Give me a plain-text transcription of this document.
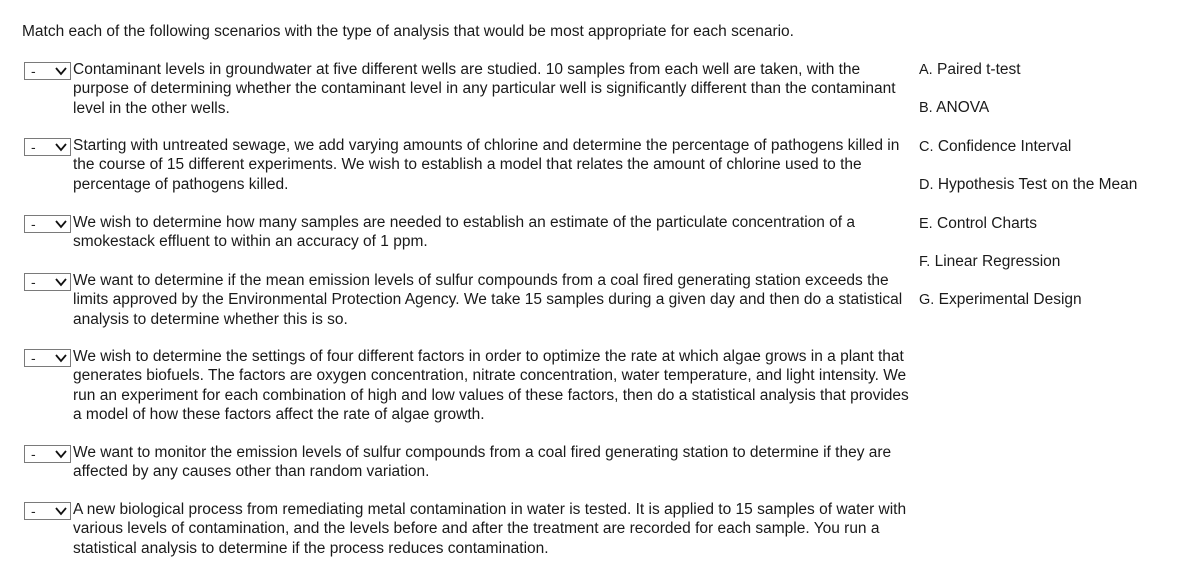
Match each of the following scenarios with the type of analysis that would be most appropriate for each scenario.
- Contaminant levels in groundwater at five different wells are studied. 10 samples from each well are taken, with the purpose of determining whether the contaminant level in any particular well is significantly different than the contaminant level in the other wells.
- Starting with untreated sewage, we add varying amounts of chlorine and determine the percentage of pathogens killed in the course of 15 different experiments. We wish to establish a model that relates the amount of chlorine used to the percentage of pathogens killed.
- We wish to determine how many samples are needed to establish an estimate of the particulate concentration of a smokestack effluent to within an accuracy of 1 ppm.
- We want to determine if the mean emission levels of sulfur compounds from a coal fired generating station exceeds the limits approved by the Environmental Protection Agency. We take 15 samples during a given day and then do a statistical analysis to determine whether this is so.
- We wish to determine the settings of four different factors in order to optimize the rate at which algae grows in a plant that generates biofuels. The factors are oxygen concentration, nitrate concentration, water temperature, and light intensity. We run an experiment for each combination of high and low values of these factors, then do a statistical analysis that provides a model of how these factors affect the rate of algae growth.
- We want to monitor the emission levels of sulfur compounds from a coal fired generating station to determine if they are affected by any causes other than random variation.
- A new biological process from remediating metal contamination in water is tested. It is applied to 15 samples of water with various levels of contamination, and the levels before and after the treatment are recorded for each sample. You run a statistical analysis to determine if the process reduces contamination.
A. Paired t-test
B. ANOVA
C. Confidence Interval
D. Hypothesis Test on the Mean
E. Control Charts
F. Linear Regression
G. Experimental Design
